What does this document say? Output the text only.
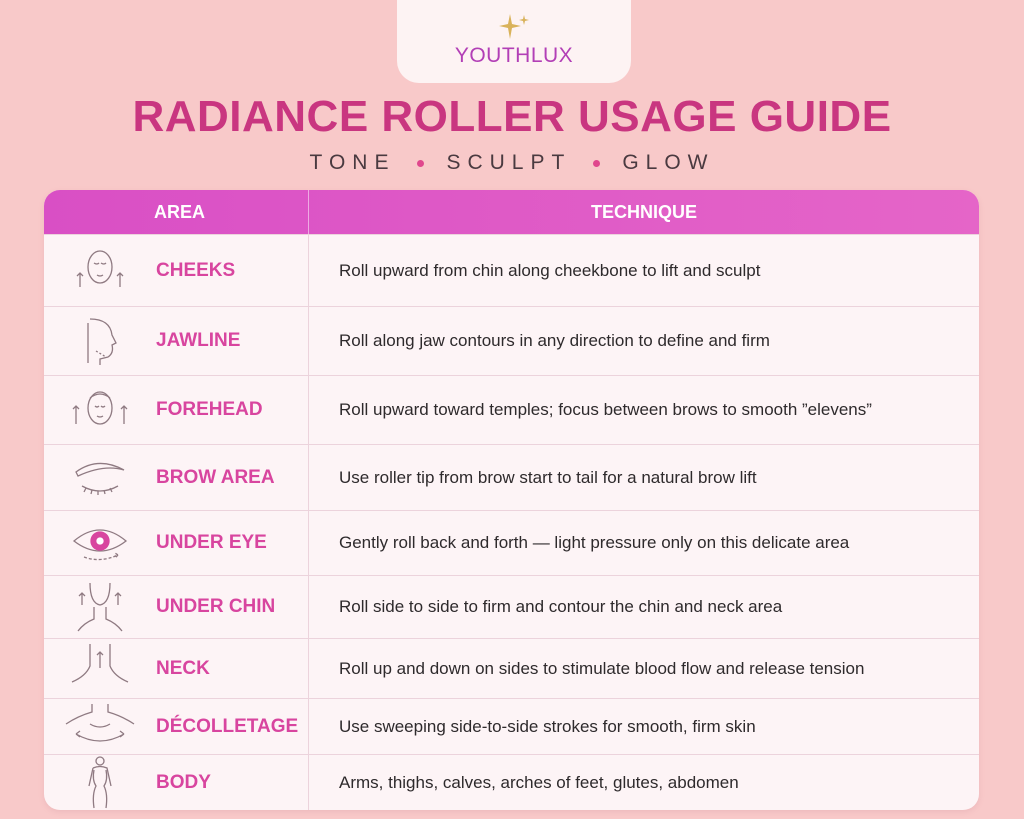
YOUTHLUX
RADIANCE ROLLER USAGE GUIDE
TONE SCULPT GLOW
AREA	TECHNIQUE
CHEEKS	Roll upward from chin along cheekbone to lift and sculpt
JAWLINE	Roll along jaw contours in any direction to define and firm
FOREHEAD	Roll upward toward temples; focus between brows to smooth ”elevens”
BROW AREA	Use roller tip from brow start to tail for a natural brow lift
UNDER EYE	Gently roll back and forth — light pressure only on this delicate area
UNDER CHIN	Roll side to side to firm and contour the chin and neck area
NECK	Roll up and down on sides to stimulate blood flow and release tension
DÉCOLLETAGE	Use sweeping side-to-side strokes for smooth, firm skin
BODY	Arms, thighs, calves, arches of feet, glutes, abdomen
